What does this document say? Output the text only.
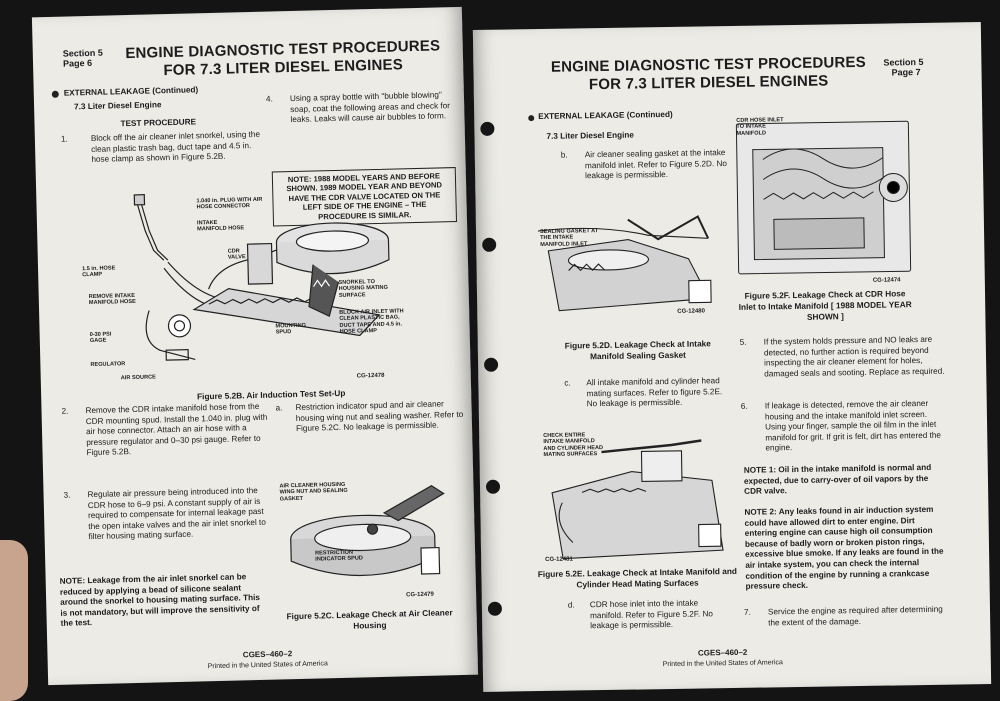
Section 5
Page 6
ENGINE DIAGNOSTIC TEST PROCEDURES
FOR 7.3 LITER DIESEL ENGINES
EXTERNAL LEAKAGE (Continued)
7.3 Liter Diesel Engine
TEST PROCEDURE
1.	Block off the air cleaner inlet snorkel, using the clean plastic trash bag, duct tape and 4.5 in. hose clamp as shown in Figure 5.2B.
4. Using a spray bottle with "bubble blowing" soap, coat the following areas and check for leaks. Leaks will cause air bubbles to form.
NOTE: 1988 MODEL YEARS AND BEFORE SHOWN. 1989 MODEL YEAR AND BEYOND HAVE THE CDR VALVE LOCATED ON THE LEFT SIDE OF THE ENGINE – THE PROCEDURE IS SIMILAR.
1.040 in. PLUG WITH AIR HOSE CONNECTOR
INTAKE MANIFOLD HOSE
CDR VALVE
1.5 in. HOSE CLAMP
REMOVE INTAKE MANIFOLD HOSE
SNORKEL TO HOUSING MATING SURFACE
BLOCK AIR INLET WITH CLEAN PLASTIC BAG, DUCT TAPE AND 4.5 in. HOSE CLAMP
0-30 PSI GAGE
MOUNTING SPUD
REGULATOR
AIR SOURCE	CG-12478
Figure 5.2B. Air Induction Test Set-Up
2. Remove the CDR intake manifold hose from the CDR mounting spud. Install the 1.040 in. plug with air hose connector. Attach an air hose with a pressure regulator and 0–30 psi gauge. Refer to Figure 5.2B.
a. Restriction indicator spud and air cleaner housing wing nut and sealing washer. Refer to Figure 5.2C. No leakage is permissible.
3. Regulate air pressure being introduced into the CDR hose to 6–9 psi. A constant supply of air is required to compensate for internal leakage past the open intake valves and the air inlet snorkel to filter housing mating surface.
AIR CLEANER HOUSING WING NUT AND SEALING GASKET
RESTRICTION INDICATOR SPUD
CG-12479
Figure 5.2C. Leakage Check at Air Cleaner Housing
NOTE: Leakage from the air inlet snorkel can be reduced by applying a bead of silicone sealant around the snorkel to housing mating surface. This is not mandatory, but will improve the sensitivity of the test.
CGES–460–2
Printed in the United States of America
ENGINE DIAGNOSTIC TEST PROCEDURES
FOR 7.3 LITER DIESEL ENGINES
Section 5
Page 7
EXTERNAL LEAKAGE (Continued)
7.3 Liter Diesel Engine
b. Air cleaner sealing gasket at the intake manifold inlet. Refer to Figure 5.2D. No leakage is permissible.
SEALING GASKET AT THE INTAKE MANIFOLD INLET
CG-12480
Figure 5.2D. Leakage Check at Intake Manifold Sealing Gasket
c. All intake manifold and cylinder head mating surfaces. Refer to figure 5.2E. No leakage is permissible.
CHECK ENTIRE INTAKE MANIFOLD AND CYLINDER HEAD MATING SURFACES
CG-12481
Figure 5.2E. Leakage Check at Intake Manifold and Cylinder Head Mating Surfaces
d. CDR hose inlet into the intake manifold. Refer to Figure 5.2F. No leakage is permissible.
CDR HOSE INLET TO INTAKE MANIFOLD
CG-12474
Figure 5.2F. Leakage Check at CDR Hose Inlet to Intake Manifold [ 1988 MODEL YEAR SHOWN ]
5. If the system holds pressure and NO leaks are detected, no further action is required beyond inspecting the air cleaner element for holes, damaged seals and sooting. Replace as required.
6. If leakage is detected, remove the air cleaner housing and the intake manifold inlet screen. Using your finger, sample the oil film in the inlet manifold for grit. If grit is felt, dirt has entered the engine.
NOTE 1: Oil in the intake manifold is normal and expected, due to carry-over of oil vapors by the CDR valve.
NOTE 2: Any leaks found in air induction system could have allowed dirt to enter engine. Dirt entering engine can cause high oil consumption because of badly worn or broken piston rings, excessive blue smoke. If any leaks are found in the air intake system, you can check the internal condition of the engine by running a crankcase pressure check.
7. Service the engine as required after determining the extent of the damage.
CGES–460–2
Printed in the United States of America
